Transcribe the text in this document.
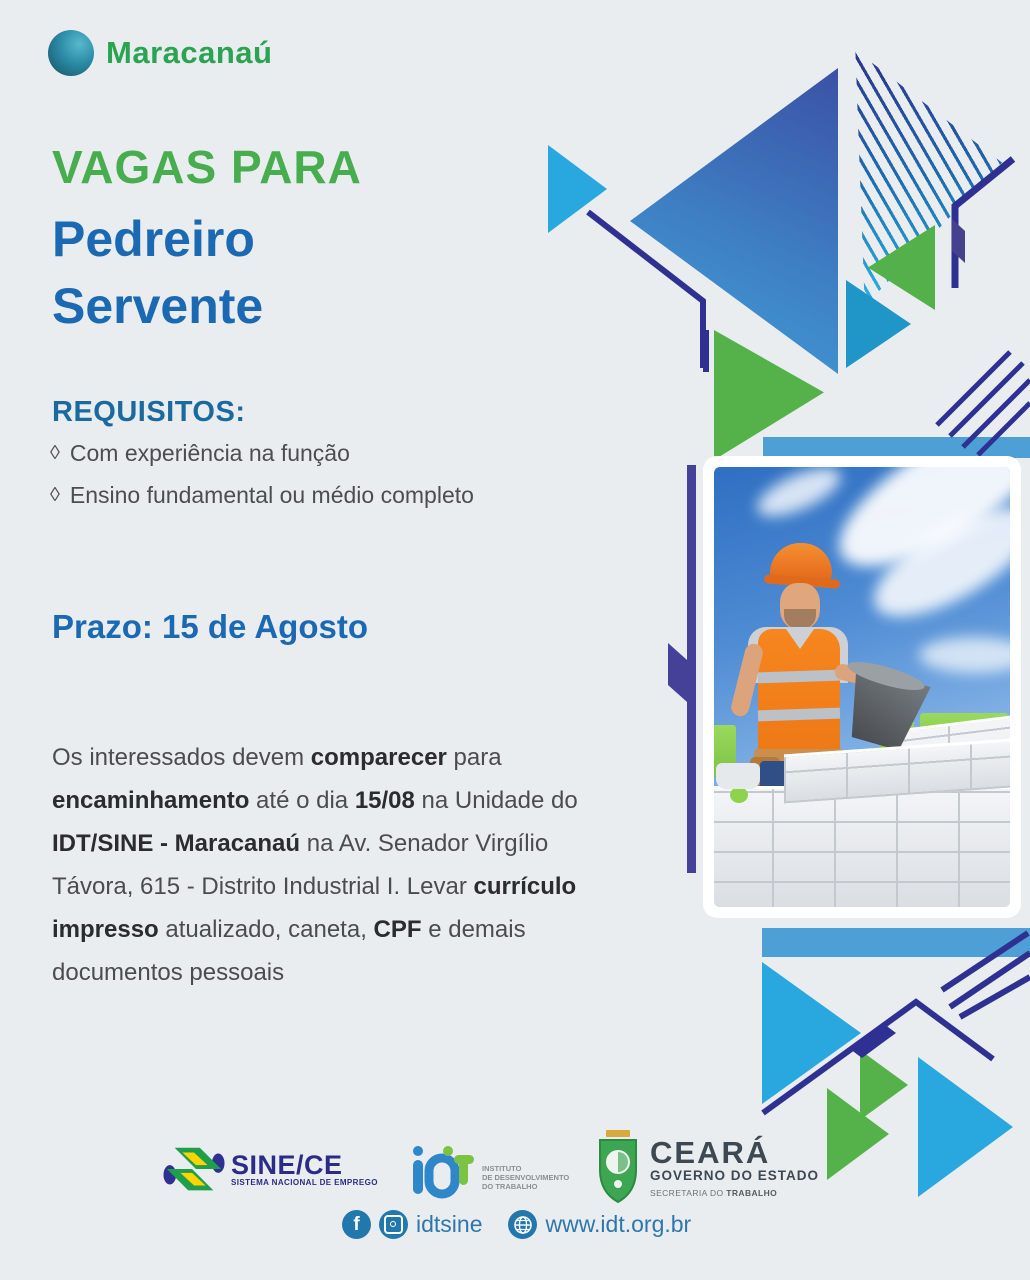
Maracanaú
VAGAS PARA
Pedreiro
Servente
REQUISITOS:
◊ Com experiência na função
◊ Ensino fundamental ou médio completo
Prazo: 15 de Agosto
Os interessados devem comparecer para
encaminhamento até o dia 15/08 na Unidade do
IDT/SINE - Maracanaú na Av. Senador Virgílio
Távora, 615 - Distrito Industrial I. Levar currículo
impresso atualizado, caneta, CPF e demais
documentos pessoais
SINE/CE
SISTEMA NACIONAL DE EMPREGO
INSTITUTO
DE DESENVOLVIMENTO
DO TRABALHO
CEARÁ
GOVERNO DO ESTADO
SECRETARIA DO TRABALHO
f idtsine	www.idt.org.br
